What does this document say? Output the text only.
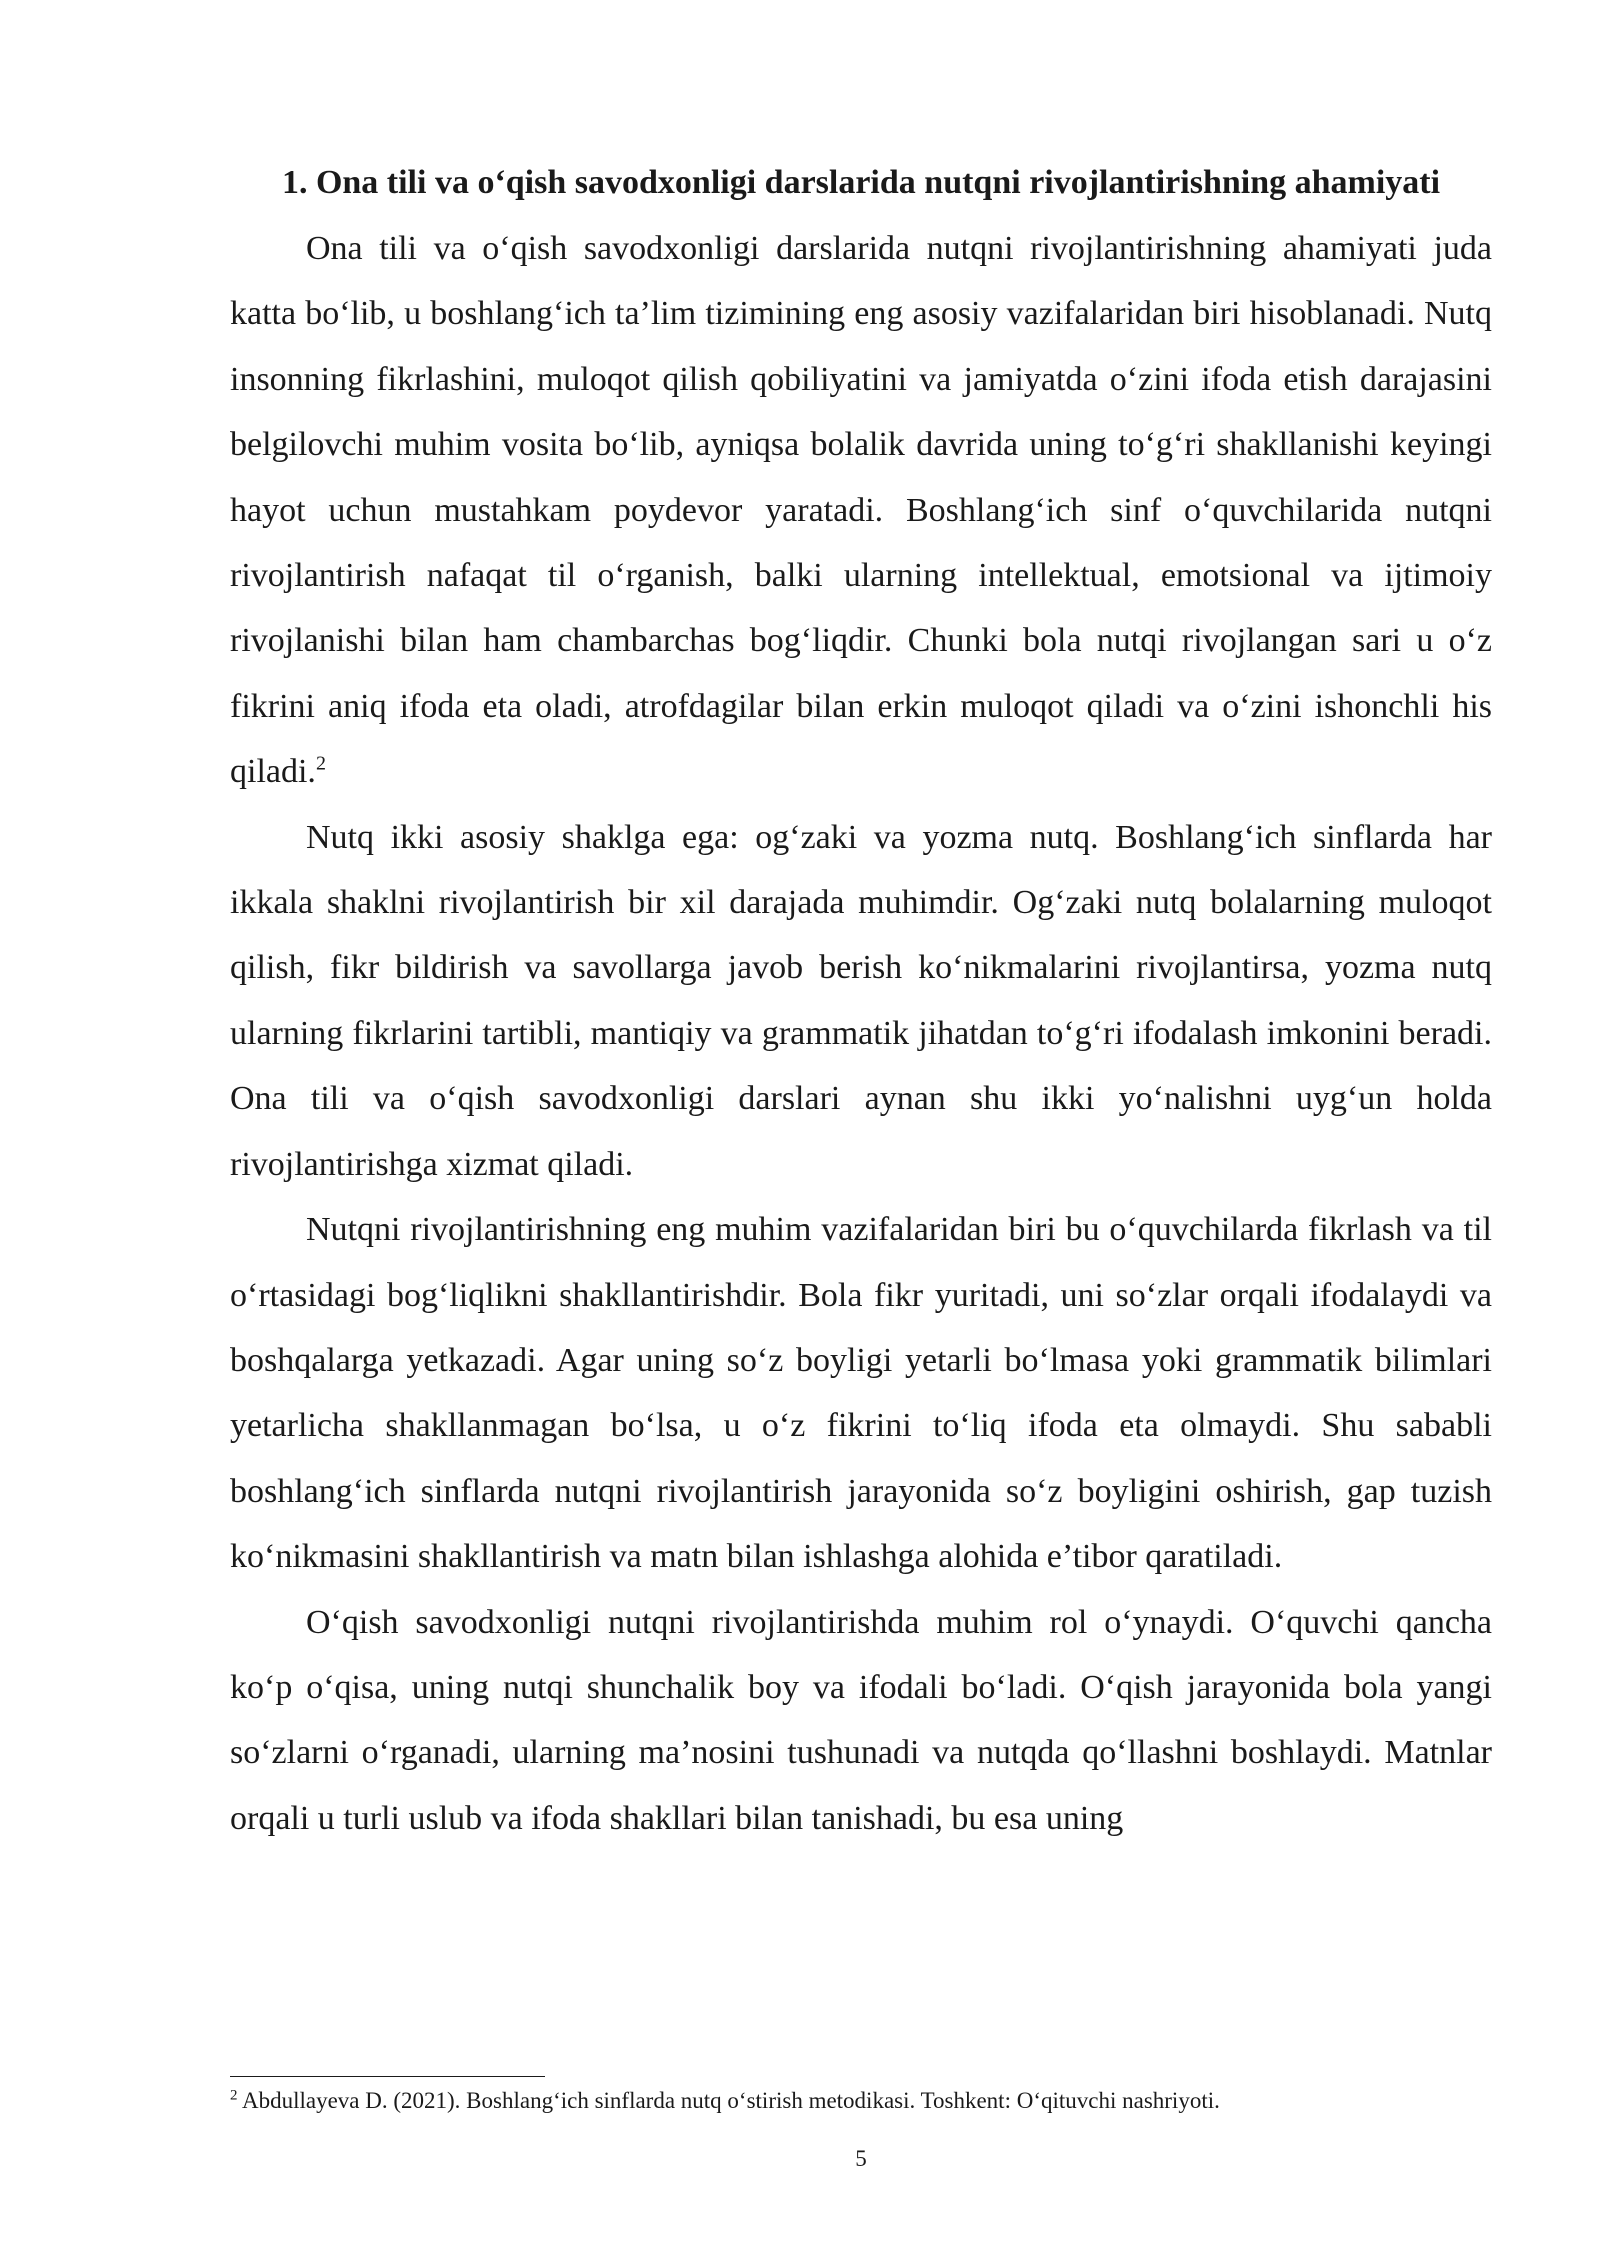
1. Ona tili va o‘qish savodxonligi darslarida nutqni rivojlantirishning ahamiyati

Ona tili va o‘qish savodxonligi darslarida nutqni rivojlantirishning ahamiyati juda katta bo‘lib, u boshlang‘ich ta’lim tizimining eng asosiy vazifalaridan biri hisoblanadi. Nutq insonning fikrlashini, muloqot qilish qobiliyatini va jamiyatda o‘zini ifoda etish darajasini belgilovchi muhim vosita bo‘lib, ayniqsa bolalik davrida uning to‘g‘ri shakllanishi keyingi hayot uchun mustahkam poydevor yaratadi. Boshlang‘ich sinf o‘quvchilarida nutqni rivojlantirish nafaqat til o‘rganish, balki ularning intellektual, emotsional va ijtimoiy rivojlanishi bilan ham chambarchas bog‘liqdir. Chunki bola nutqi rivojlangan sari u o‘z fikrini aniq ifoda eta oladi, atrofdagilar bilan erkin muloqot qiladi va o‘zini ishonchli his qiladi.$^2$

Nutq ikki asosiy shaklga ega: og‘zaki va yozma nutq. Boshlang‘ich sinflarda har ikkala shaklni rivojlantirish bir xil darajada muhimdir. Og‘zaki nutq bolalarning muloqot qilish, fikr bildirish va savollarga javob berish ko‘nikmalarini rivojlantirsa, yozma nutq ularning fikrlarini tartibli, mantiqiy va grammatik jihatdan to‘g‘ri ifodalash imkonini beradi. Ona tili va o‘qish savodxonligi darslari aynan shu ikki yo‘nalishni uyg‘un holda rivojlantirishga xizmat qiladi.

Nutqni rivojlantirishning eng muhim vazifalaridan biri bu o‘quvchilarda fikrlash va til o‘rtasidagi bog‘liqlikni shakllantirishdir. Bola fikr yuritadi, uni so‘zlar orqali ifodalaydi va boshqalarga yetkazadi. Agar uning so‘z boyligi yetarli bo‘lmasa yoki grammatik bilimlari yetarlicha shakllanmagan bo‘lsa, u o‘z fikrini to‘liq ifoda eta olmaydi. Shu sababli boshlang‘ich sinflarda nutqni rivojlantirish jarayonida so‘z boyligini oshirish, gap tuzish ko‘nikmasini shakllantirish va matn bilan ishlashga alohida e’tibor qaratiladi.

O‘qish savodxonligi nutqni rivojlantirishda muhim rol o‘ynaydi. O‘quvchi qancha ko‘p o‘qisa, uning nutqi shunchalik boy va ifodali bo‘ladi. O‘qish jarayonida bola yangi so‘zlarni o‘rganadi, ularning ma’nosini tushunadi va nutqda qo‘llashni boshlaydi. Matnlar orqali u turli uslub va ifoda shakllari bilan tanishadi, bu esa uning

$^2$ Abdullayeva D. (2021). Boshlang‘ich sinflarda nutq o‘stirish metodikasi. Toshkent: O‘qituvchi nashriyoti.

5
